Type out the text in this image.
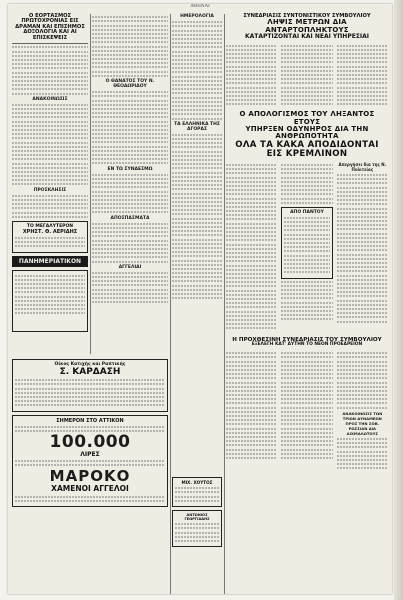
ΑΘΗΝΑΙ
Ο ΕΟΡΤΑΣΜΟΣ ΠΡΩΤΟΧΡΟΝΙΑΣ ΕΙΣ ΔΡΑΜΑΝ ΚΑΙ ΕΠΙΣΗΜΟΣ ΔΟΞΟΛΟΓΙΑ ΚΑΙ ΑΙ ΕΠΙΣΚΕΨΕΙΣ
ΑΝΑΚΟΙΝΩΣΙΣ
ΠΡΟΣΚΛΗΣΙΣ
ΤΟ ΜΕΓΑΛΥΤΕΡΟΝ
ΧΡΗΣΤ. Θ. ΑΕΡΙΔΗΣ
ΠΑΝΗΜΕΡΙΑΤΙΚΟΝ
Ο ΘΑΝΑΤΟΣ ΤΟΥ Ν. ΘΕΟΔΩΡΙΔΟΥ
ΕΝ ΤΩ ΣΥΝΔΕΣΜΩ
ΑΠΟΣΠΑΣΜΑΤΑ
ΑΓΓΕΛΙΑΙ
ΗΜΕΡΟΛΟΓΙΑ
ΤΑ ΕΛΛΗΝΙΚΑ ΤΗΣ ΑΓΟΡΑΣ
Οίκος Κατιχής και Ραπτικής
Σ. ΚΑΡΔΑΣΗ
ΣΗΜΕΡΟΝ ΣΤΟ ΑΤΤΙΚΟΝ
100.000
ΛΙΡΕΣ
ΜΑΡΟΚΟ
ΧΑΜΕΝΟΙ ΑΓΓΕΛΟΙ
ΜΙΧ. ΧΟΥΤΟΣ
ΑΝΤΩΝΙΟΣ ΓΕΩΡΓΙΑΔΗΣ
ΣΥΝΕΔΡΙΑΣΙΣ ΣΥΝΤΟΝΙΣΤΙΚΟΥ ΣΥΜΒΟΥΛΙΟΥ
ΛΗΨΙΣ ΜΕΤΡΩΝ ΔΙΑ ΑΝΤΑΡΤΟΠΛΗΚΤΟΥΣ
ΚΑΤΑΡΤΙΖΟΝΤΑΙ ΚΑΙ ΝΕΑΙ ΥΠΗΡΕΣΙΑΙ
Ο ΑΠΟΛΟΓΙΣΜΟΣ ΤΟΥ ΛΗΞΑΝΤΟΣ ΕΤΟΥΣ
ΥΠΗΡΞΕΝ ΟΔΥΝΗΡΟΣ ΔΙΑ ΤΗΝ ΑΝΘΡΩΠΟΤΗΤΑ
ΟΛΑ ΤΑ ΚΑΚΑ ΑΠΟΔΙΔΟΝΤΑΙ ΕΙΣ ΚΡΕΜΛΙΝΟΝ
ΑΠΟ ΠΑΝΤΟΥ
Απεργήσει δια της Ν. Πολιτείας
Η ΠΡΟΧΘΕΣΙΝΗ ΣΥΝΕΔΡΙΑΣΙΣ ΤΟΥ ΣΥΜΒΟΥΛΙΟΥ
ΕΞΕΛΕΓΗ ΚΑΤ' ΑΥΤΗΝ ΤΟ ΝΕΟΝ ΠΡΟΕΔΡΕΙΟΝ
ΑΝΑΚΟΙΝΩΣΙΣ ΤΩΝ ΤΡΙΩΝ ΔΥΝΑΜΕΩΝ ΠΡΟΣ ΤΗΝ ΣΟΒ. ΡΩΣΣΙΑΝ ΔΙΑ ΑΙΧΜΑΛΩΤΟΥΣ
